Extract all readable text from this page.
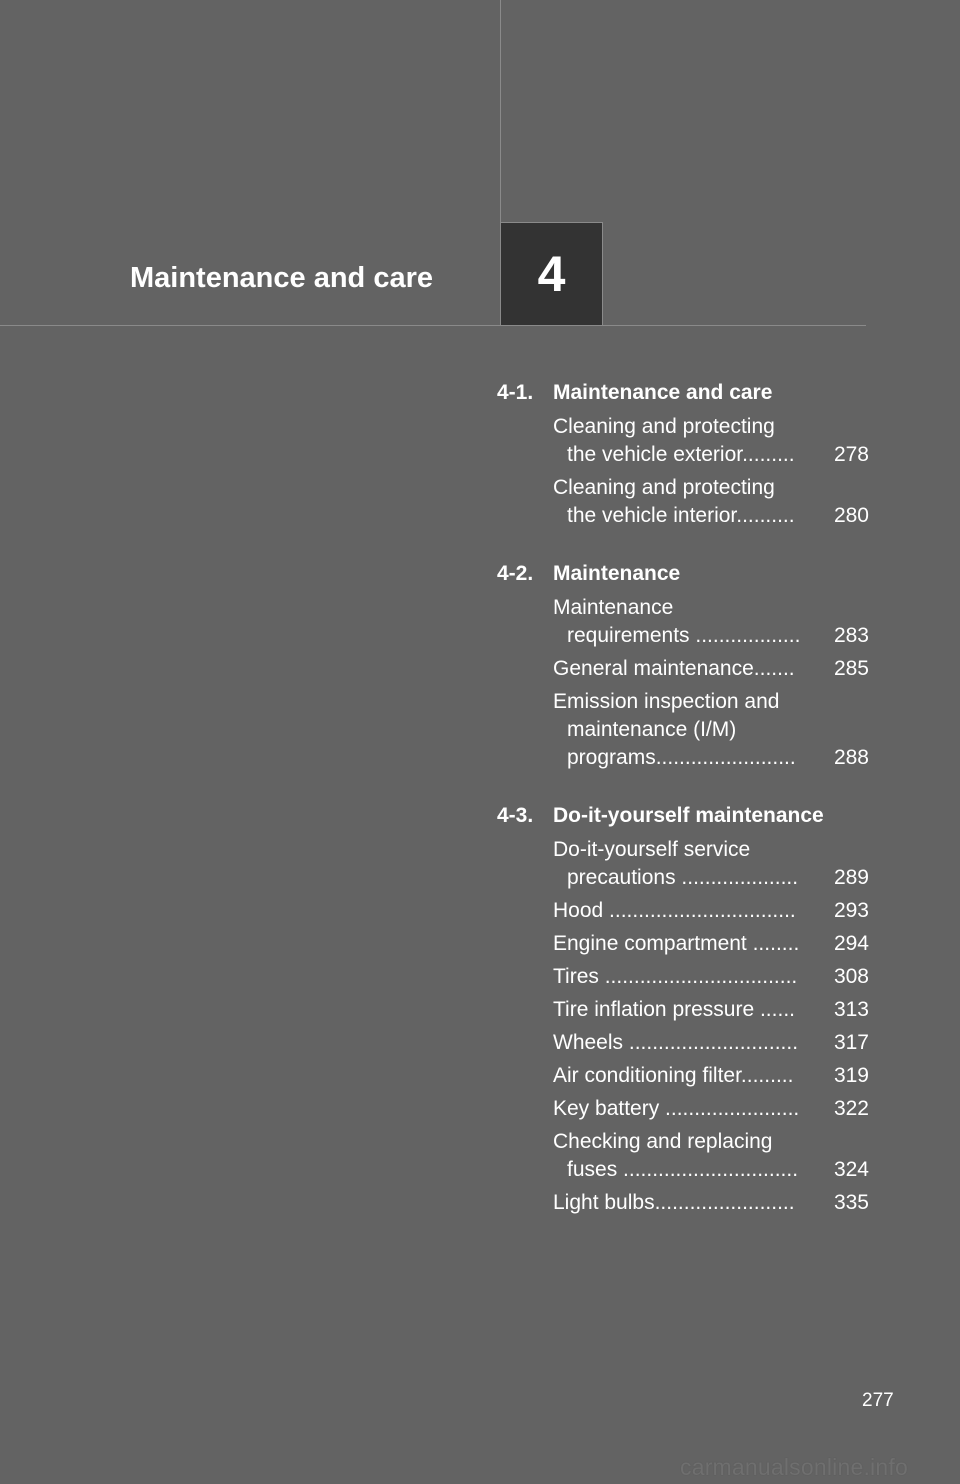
Maintenance and care 4
4-1. Maintenance and care
Cleaning and protecting
the vehicle exterior.........	278
Cleaning and protecting
the vehicle interior..........	280
4-2. Maintenance
Maintenance
requirements ..................	283
General maintenance.......	285
Emission inspection and
maintenance (I/M)
programs........................	288
4-3. Do-it-yourself maintenance
Do-it-yourself service
precautions ....................	289
Hood ................................	293
Engine compartment ........	294
Tires .................................	308
Tire inflation pressure ......	313
Wheels .............................	317
Air conditioning filter.........	319
Key battery .......................	322
Checking and replacing
fuses ..............................	324
Light bulbs........................	335
277
carmanualsonline.info
